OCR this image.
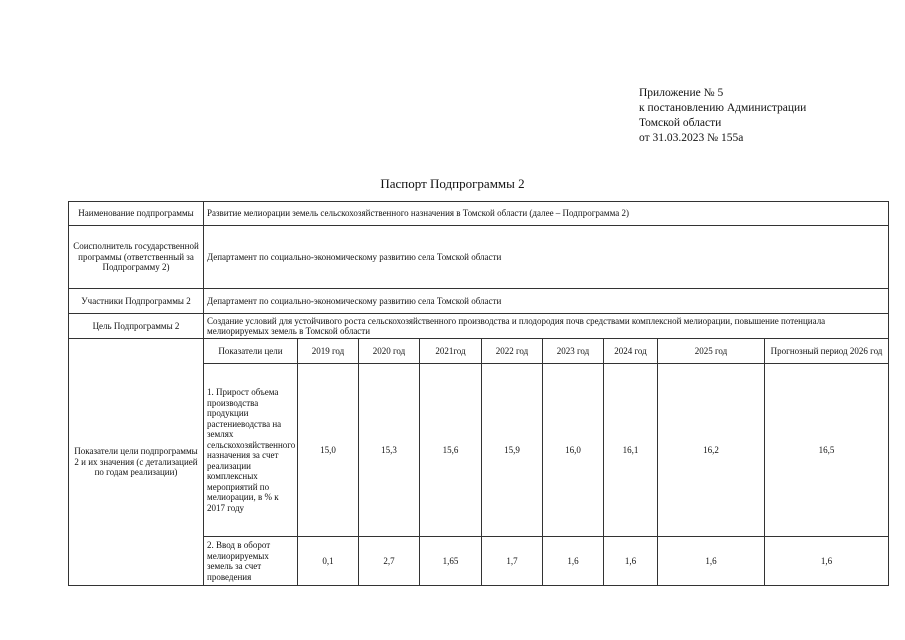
Приложение № 5
к постановлению Администрации
Томской области
от 31.03.2023 № 155а
Паспорт Подпрограммы 2
Наименование подпрограммы	Развитие мелиорации земель сельскохозяйственного назначения в Томской области (далее – Подпрограмма 2)								
Соисполнитель государственной программы (ответственный за Подпрограмму 2)	Департамент по социально-экономическому развитию села Томской области								
Участники Подпрограммы 2	Департамент по социально-экономическому развитию села Томской области								
Цель Подпрограммы 2	Создание условий для устойчивого роста сельскохозяйственного производства и плодородия почв средствами комплексной мелиорации, повышение потенциала мелиорируемых земель в Томской области								
Показатели цели подпрограммы 2 и их значения (с детализацией по годам реализации)	Показатели цели	2019 год	2020 год	2021год	2022 год	2023 год	2024 год	2025 год	Прогнозный период 2026 год
	1. Прирост объема производства продукции растениеводства на землях сельскохозяйственного назначения за счет реализации комплексных мероприятий по мелиорации, в % к 2017 году	15,0	15,3	15,6	15,9	16,0	16,1	16,2	16,5
	2. Ввод в оборот мелиорируемых земель за счет проведения	0,1	2,7	1,65	1,7	1,6	1,6	1,6	1,6
